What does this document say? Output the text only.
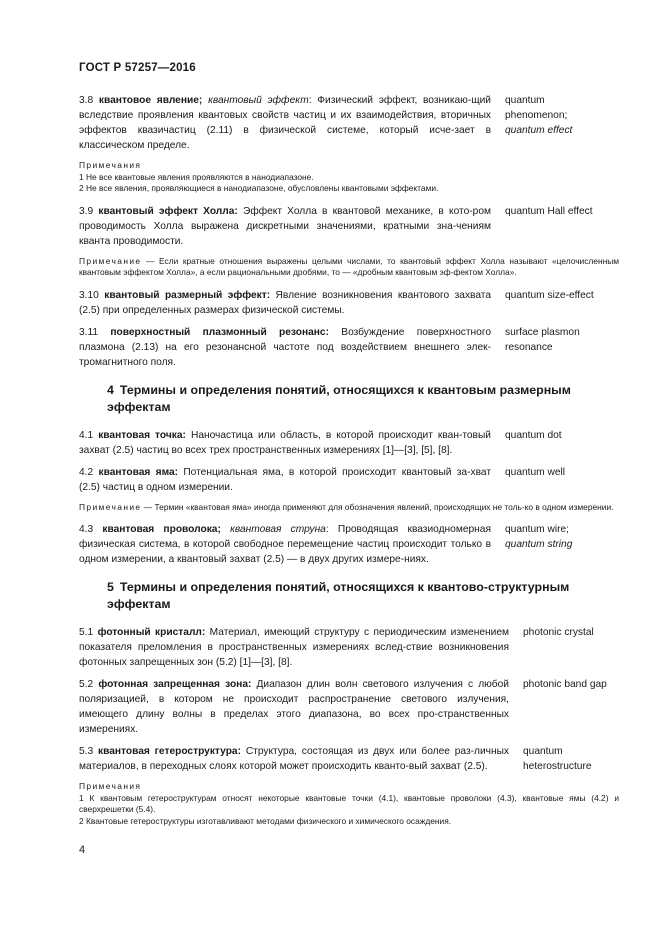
ГОСТ Р 57257—2016
3.8 квантовое явление; квантовый эффект: Физический эффект, возникаю-щий вследствие проявления квантовых свойств частиц и их взаимодействия, вторичных эффектов квазичастиц (2.11) в физической системе, который исче-зает в классическом пределе.
quantum
phenomenon;
quantum effect
Примечания
1 Не все квантовые явления проявляются в нанодиапазоне.
2 Не все явления, проявляющиеся в нанодиапазоне, обусловлены квантовыми эффектами.
3.9 квантовый эффект Холла: Эффект Холла в квантовой механике, в кото-ром проводимость Холла выражена дискретными значениями, кратными зна-чениям кванта проводимости.
quantum Hall effect
Примечание — Если кратные отношения выражены целыми числами, то квантовый эффект Холла называют «целочисленным квантовым эффектом Холла», а если рациональными дробями, то — «дробным квантовым эф-фектом Холла».
3.10 квантовый размерный эффект: Явление возникновения квантового захвата (2.5) при определенных размерах физической системы.
quantum size-effect
3.11 поверхностный плазмонный резонанс: Возбуждение поверхностного плазмона (2.13) на его резонансной частоте под воздействием внешнего элек-тромагнитного поля.
surface plasmon
resonance
4 Термины и определения понятий, относящихся к квантовым размерным эффектам
4.1 квантовая точка: Наночастица или область, в которой происходит кван-товый захват (2.5) частиц во всех трех пространственных измерениях [1]—[3], [5], [8].
quantum dot
4.2 квантовая яма: Потенциальная яма, в которой происходит квантовый за-хват (2.5) частиц в одном измерении.
quantum well
Примечание — Термин «квантовая яма» иногда применяют для обозначения явлений, происходящих не толь-ко в одном измерении.
4.3 квантовая проволока; квантовая струна: Проводящая квазиодномерная физическая система, в которой свободное перемещение частиц происходит только в одном измерении, а квантовый захват (2.5) — в двух других измере-ниях.
quantum wire;
quantum string
5 Термины и определения понятий, относящихся к квантово-структурным эффектам
5.1 фотонный кристалл: Материал, имеющий структуру с периодическим изменением показателя преломления в пространственных измерениях вслед-ствие возникновения фотонных запрещенных зон (5.2) [1]—[3], [8].
photonic crystal
5.2 фотонная запрещенная зона: Диапазон длин волн светового излучения с любой поляризацией, в котором не происходит распространение светового излучения, имеющего длину волны в пределах этого диапазона, во всех про-странственных измерениях.
photonic band gap
5.3 квантовая гетероструктура: Структура, состоящая из двух или более раз-личных материалов, в переходных слоях которой может происходить кванто-вый захват (2.5).
quantum
heterostructure
Примечания
1 К квантовым гетероструктурам относят некоторые квантовые точки (4.1), квантовые проволоки (4.3), квантовые ямы (4.2) и сверхрешетки (5.4).
2 Квантовые гетероструктуры изготавливают методами физического и химического осаждения.
4
